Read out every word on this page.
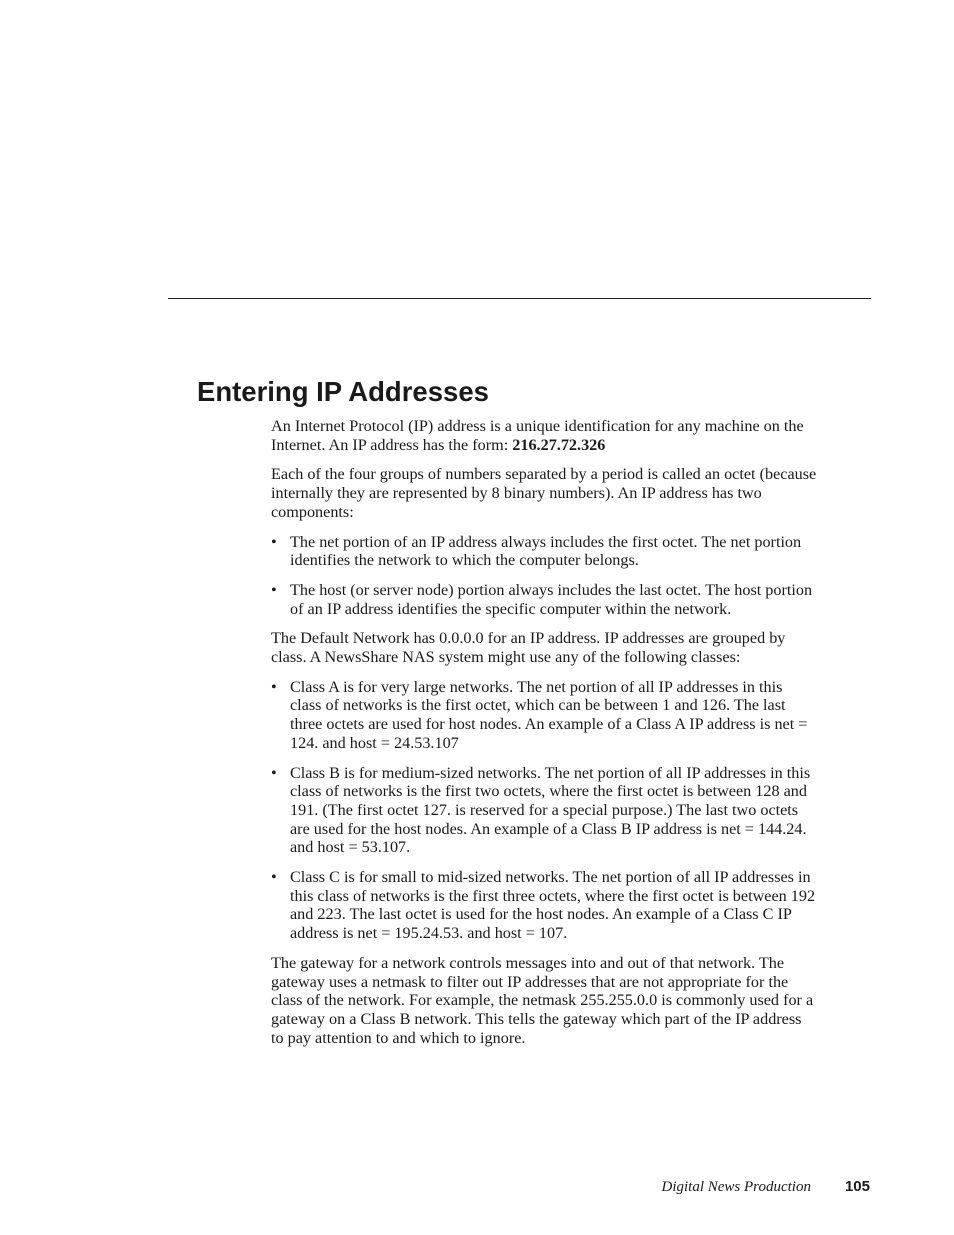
Entering IP Addresses

An Internet Protocol (IP) address is a unique identification for any machine on the Internet. An IP address has the form: 216.27.72.326

Each of the four groups of numbers separated by a period is called an octet (because internally they are represented by 8 binary numbers). An IP address has two components:

• The net portion of an IP address always includes the first octet. The net portion identifies the network to which the computer belongs.
• The host (or server node) portion always includes the last octet. The host portion of an IP address identifies the specific computer within the network.

The Default Network has 0.0.0.0 for an IP address. IP addresses are grouped by class. A NewsShare NAS system might use any of the following classes:

• Class A is for very large networks. The net portion of all IP addresses in this class of networks is the first octet, which can be between 1 and 126. The last three octets are used for host nodes. An example of a Class A IP address is net = 124. and host = 24.53.107
• Class B is for medium-sized networks. The net portion of all IP addresses in this class of networks is the first two octets, where the first octet is between 128 and 191. (The first octet 127. is reserved for a special purpose.) The last two octets are used for the host nodes. An example of a Class B IP address is net = 144.24. and host = 53.107.
• Class C is for small to mid-sized networks. The net portion of all IP addresses in this class of networks is the first three octets, where the first octet is between 192 and 223. The last octet is used for the host nodes. An example of a Class C IP address is net = 195.24.53. and host = 107.

The gateway for a network controls messages into and out of that network. The gateway uses a netmask to filter out IP addresses that are not appropriate for the class of the network. For example, the netmask 255.255.0.0 is commonly used for a gateway on a Class B network. This tells the gateway which part of the IP address to pay attention to and which to ignore.

Digital News Production 105
